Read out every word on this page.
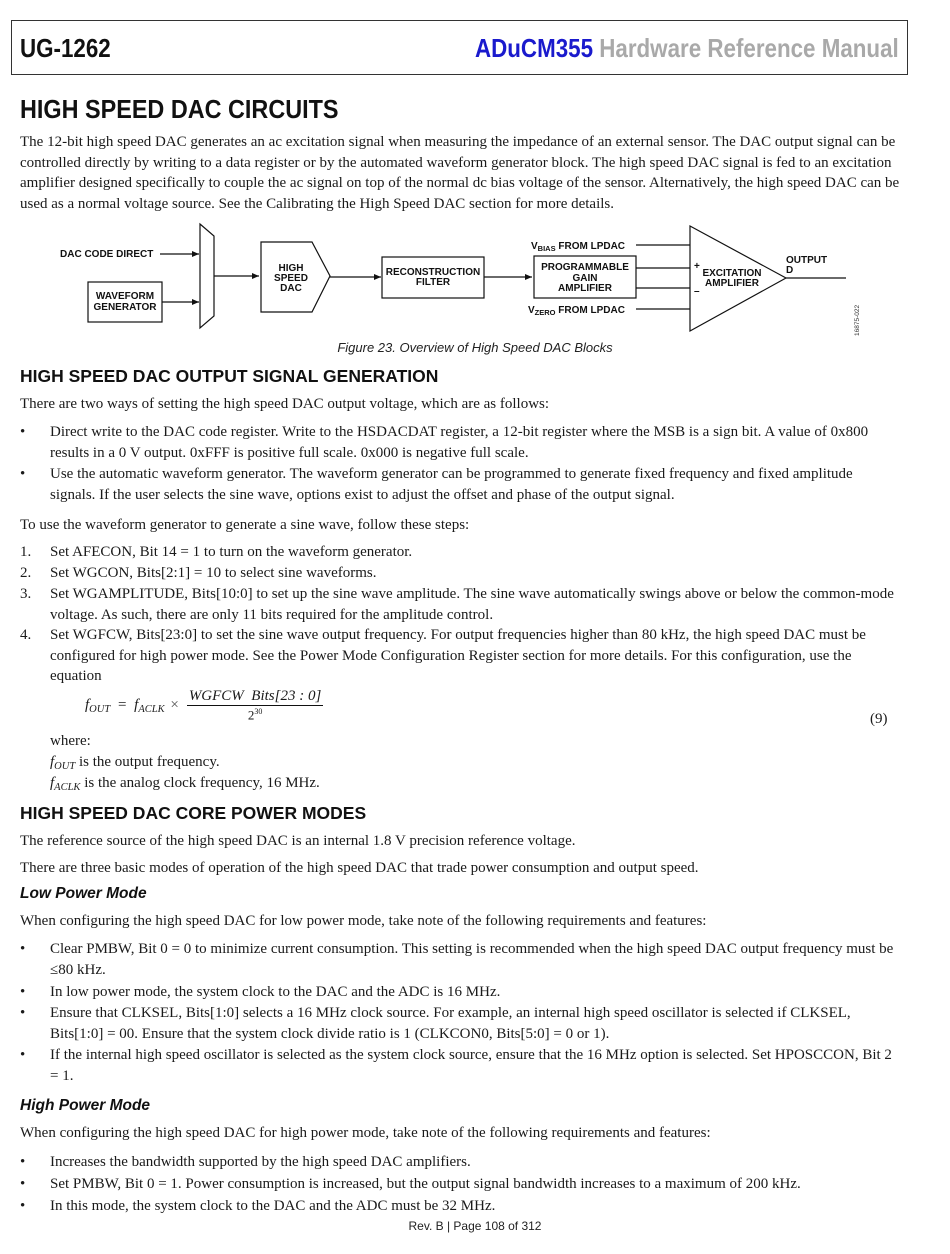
UG-1262	ADuCM355 Hardware Reference Manual
HIGH SPEED DAC CIRCUITS

The 12-bit high speed DAC generates an ac excitation signal when measuring the impedance of an external sensor. The DAC output signal can be controlled directly by writing to a data register or by the automated waveform generator block. The high speed DAC signal is fed to an excitation amplifier designed specifically to couple the ac signal on top of the normal dc bias voltage of the sensor. Alternatively, the high speed DAC can be used as a normal voltage source. See the Calibrating the High Speed DAC section for more details.

DAC CODE DIRECT
WAVEFORM
GENERATOR
HIGH
SPEED
DAC
RECONSTRUCTION
FILTER
PROGRAMMABLE
GAIN
AMPLIFIER
$V_{BIAS}$ FROM LPDAC
$V_{ZERO}$ FROM LPDAC
+
–
EXCITATION
AMPLIFIER
OUTPUT
D
16875-022
Figure 23. Overview of High Speed DAC Blocks
HIGH SPEED DAC OUTPUT SIGNAL GENERATION

There are two ways of setting the high speed DAC output voltage, which are as follows:

• Direct write to the DAC code register. Write to the HSDACDAT register, a 12-bit register where the MSB is a sign bit. A value of 0x800 results in a 0 V output. 0xFFF is positive full scale. 0x000 is negative full scale.
• Use the automatic waveform generator. The waveform generator can be programmed to generate fixed frequency and fixed amplitude signals. If the user selects the sine wave, options exist to adjust the offset and phase of the output signal.

To use the waveform generator to generate a sine wave, follow these steps:

1. Set AFECON, Bit 14 = 1 to turn on the waveform generator.
2. Set WGCON, Bits[2:1] = 10 to select sine waveforms.
3. Set WGAMPLITUDE, Bits[10:0] to set up the sine wave amplitude. The sine wave automatically swings above or below the common-mode voltage. As such, there are only 11 bits required for the amplitude control.
4. Set WGFCW, Bits[23:0] to set the sine wave output frequency. For output frequencies higher than 80 kHz, the high speed DAC must be configured for high power mode. See the Power Mode Configuration Register section for more details. For this configuration, use the equation
$f_{OUT} = f_{ACLK}$ ×	WGFCW  Bits[23 : 0]
$2^{30}$	(9)
where:
$f_{OUT}$ is the output frequency.
$f_{ACLK}$ is the analog clock frequency, 16 MHz.
HIGH SPEED DAC CORE POWER MODES

The reference source of the high speed DAC is an internal 1.8 V precision reference voltage.

There are three basic modes of operation of the high speed DAC that trade power consumption and output speed.

Low Power Mode

When configuring the high speed DAC for low power mode, take note of the following requirements and features:

• Clear PMBW, Bit 0 = 0 to minimize current consumption. This setting is recommended when the high speed DAC output frequency must be ≤80 kHz.
• In low power mode, the system clock to the DAC and the ADC is 16 MHz.
• Ensure that CLKSEL, Bits[1:0] selects a 16 MHz clock source. For example, an internal high speed oscillator is selected if CLKSEL, Bits[1:0] = 00. Ensure that the system clock divide ratio is 1 (CLKCON0, Bits[5:0] = 0 or 1).
• If the internal high speed oscillator is selected as the system clock source, ensure that the 16 MHz option is selected. Set HPOSCCON, Bit 2 = 1.
High Power Mode

When configuring the high speed DAC for high power mode, take note of the following requirements and features:

• Increases the bandwidth supported by the high speed DAC amplifiers.
• Set PMBW, Bit 0 = 1. Power consumption is increased, but the output signal bandwidth increases to a maximum of 200 kHz.
• In this mode, the system clock to the DAC and the ADC must be 32 MHz.
Rev. B | Page 108 of 312
